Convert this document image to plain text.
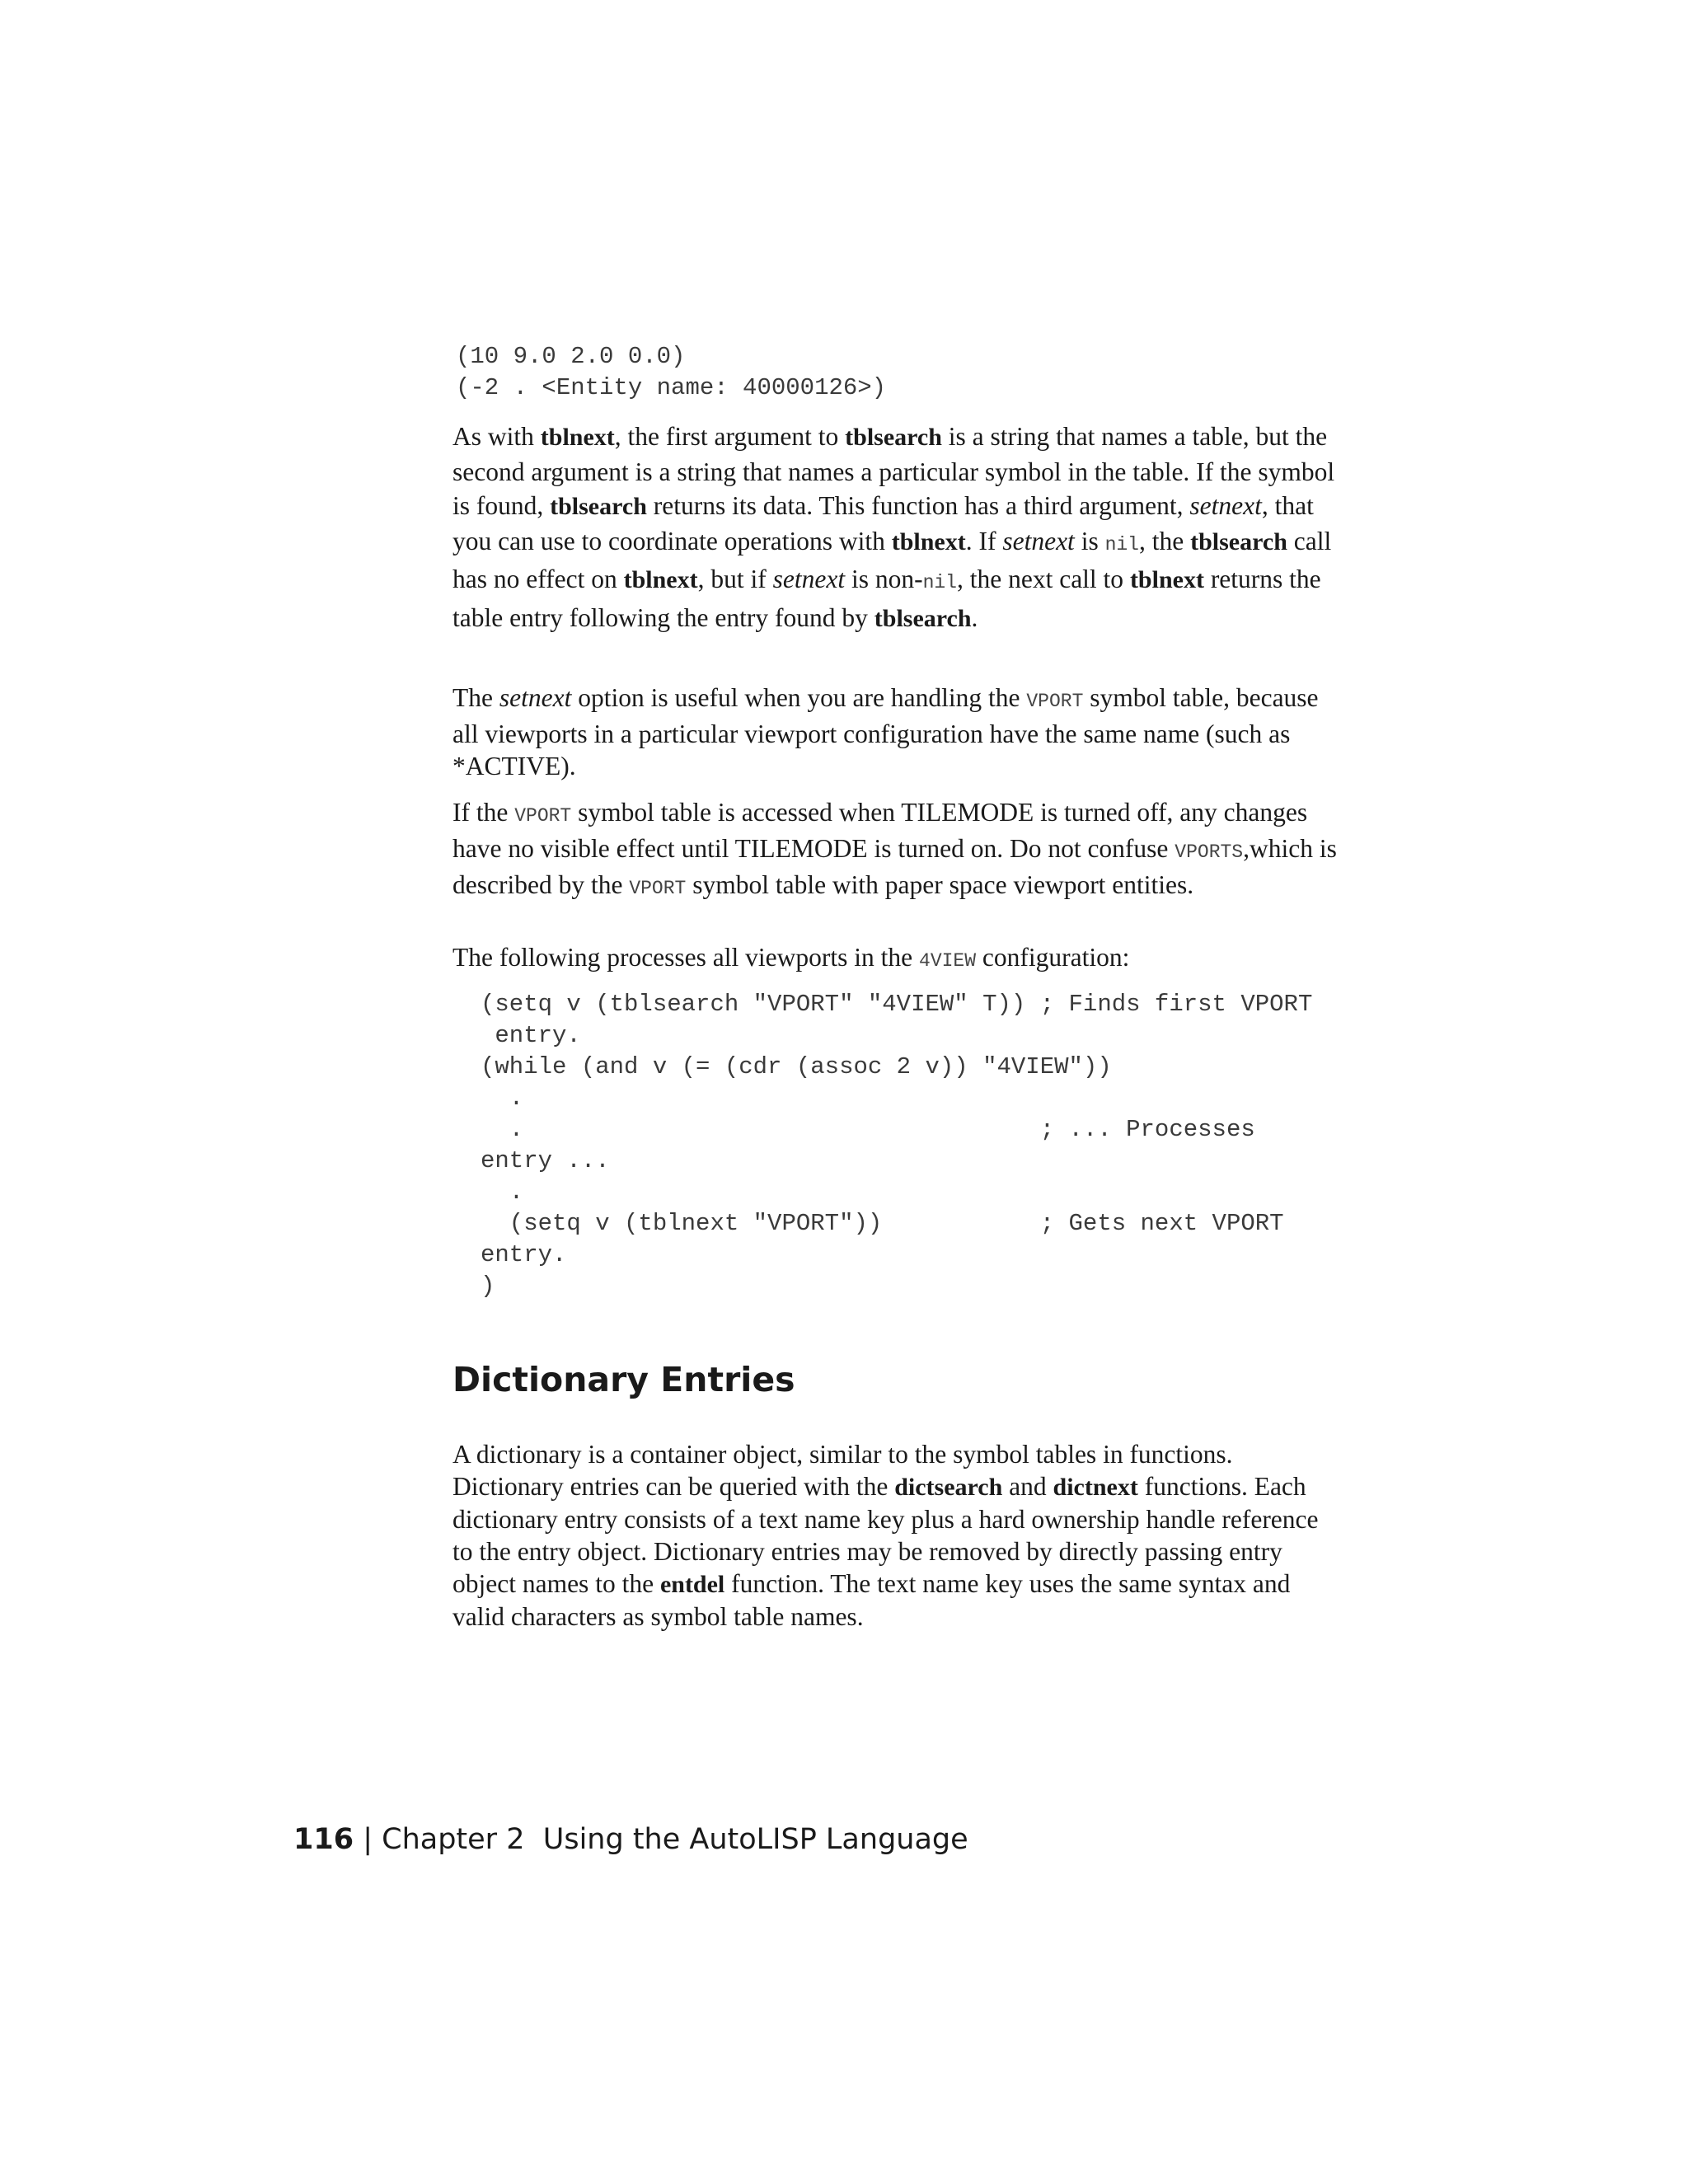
(10 9.0 2.0 0.0)
(-2 . <Entity name: 40000126>)

As with tblnext, the first argument to tblsearch is a string that names a table, but the second argument is a string that names a particular symbol in the table. If the symbol is found, tblsearch returns its data. This function has a third argument, setnext, that you can use to coordinate operations with tblnext. If setnext is nil, the tblsearch call has no effect on tblnext, but if setnext is non-nil, the next call to tblnext returns the table entry following the entry found by tblsearch.

The setnext option is useful when you are handling the VPORT symbol table, because all viewports in a particular viewport configuration have the same name (such as *ACTIVE).

If the VPORT symbol table is accessed when TILEMODE is turned off, any changes have no visible effect until TILEMODE is turned on. Do not confuse VPORTS,which is described by the VPORT symbol table with paper space viewport entities.

The following processes all viewports in the 4VIEW configuration:

(setq v (tblsearch "VPORT" "4VIEW" T)) ; Finds first VPORT
entry.
(while (and v (= (cdr (assoc 2 v)) "4VIEW"))
.
.                                    ; ... Processes
entry ...
.
(setq v (tblnext "VPORT"))           ; Gets next VPORT
entry.
)
Dictionary Entries

A dictionary is a container object, similar to the symbol tables in functions. Dictionary entries can be queried with the dictsearch and dictnext functions. Each dictionary entry consists of a text name key plus a hard ownership handle reference to the entry object. Dictionary entries may be removed by directly passing entry object names to the entdel function. The text name key uses the same syntax and valid characters as symbol table names.

116 | Chapter 2 Using the AutoLISP Language
